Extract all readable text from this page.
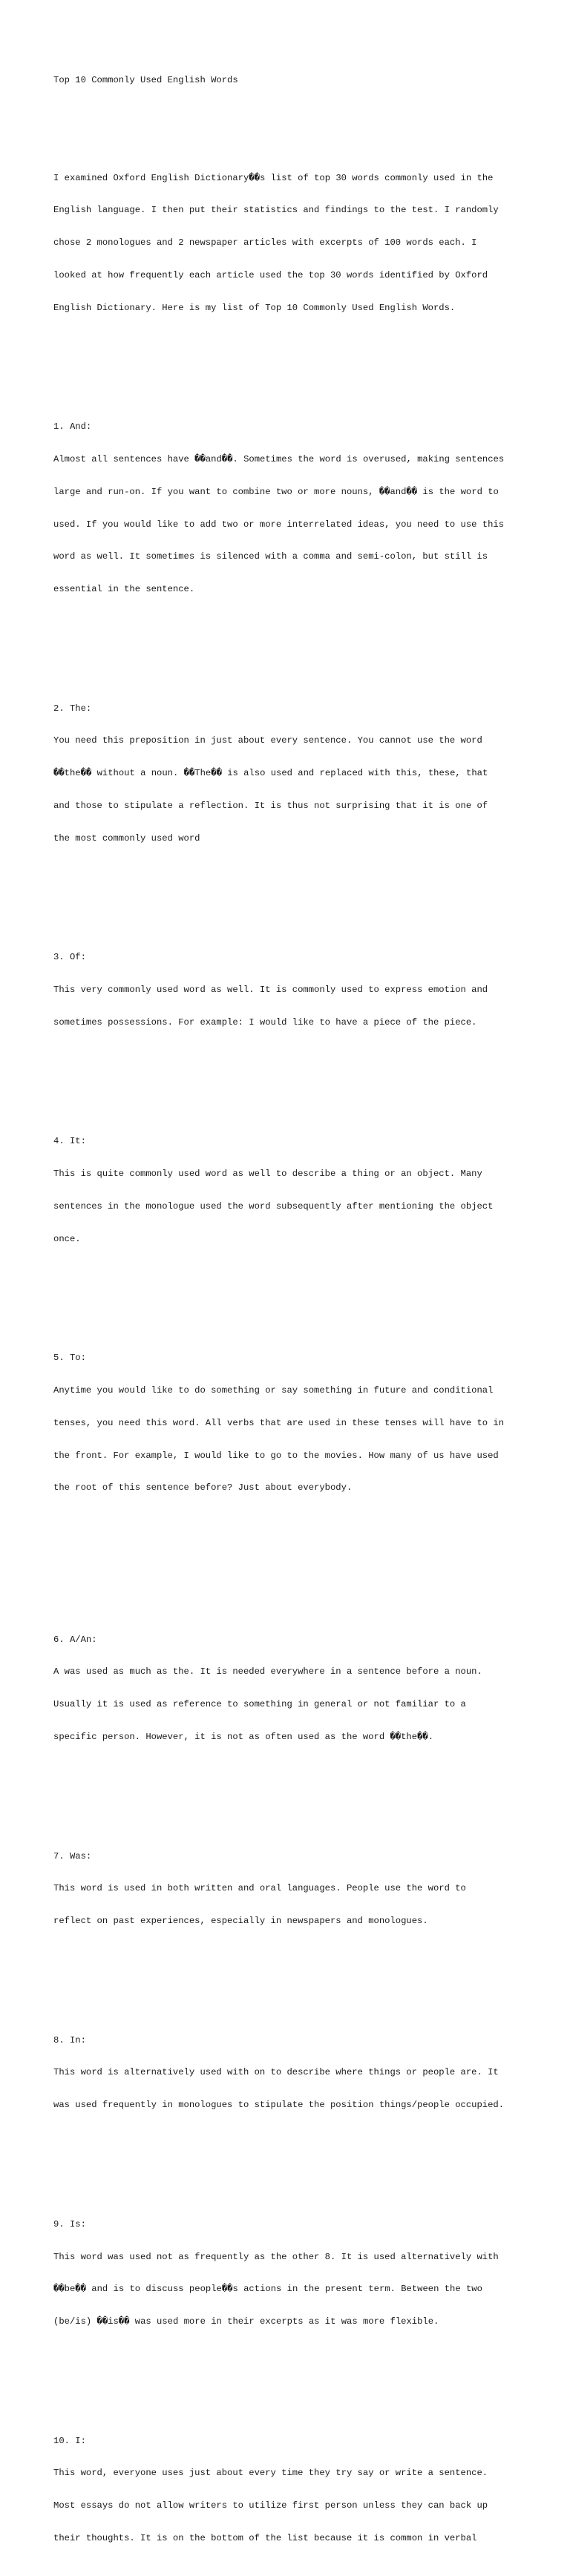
Top 10 Commonly Used English Words

I examined Oxford English Dictionary��s list of top 30 words commonly used in the

English language. I then put their statistics and findings to the test. I randomly

chose 2 monologues and 2 newspaper articles with excerpts of 100 words each. I

looked at how frequently each article used the top 30 words identified by Oxford

English Dictionary. Here is my list of Top 10 Commonly Used English Words.

1. And:

Almost all sentences have ��and��. Sometimes the word is overused, making sentences

large and run-on. If you want to combine two or more nouns, ��and�� is the word to

used. If you would like to add two or more interrelated ideas, you need to use this

word as well. It sometimes is silenced with a comma and semi-colon, but still is

essential in the sentence.

2. The:

You need this preposition in just about every sentence. You cannot use the word

��the�� without a noun. ��The�� is also used and replaced with this, these, that

and those to stipulate a reflection. It is thus not surprising that it is one of

the most commonly used word

3. Of:

This very commonly used word as well. It is commonly used to express emotion and

sometimes possessions. For example: I would like to have a piece of the piece.

4. It:

This is quite commonly used word as well to describe a thing or an object. Many

sentences in the monologue used the word subsequently after mentioning the object

once.

5. To:

Anytime you would like to do something or say something in future and conditional

tenses, you need this word. All verbs that are used in these tenses will have to in

the front. For example, I would like to go to the movies. How many of us have used

the root of this sentence before? Just about everybody.

6. A/An:

A was used as much as the. It is needed everywhere in a sentence before a noun.

Usually it is used as reference to something in general or not familiar to a

specific person. However, it is not as often used as the word ��the��.

7. Was:

This word is used in both written and oral languages. People use the word to

reflect on past experiences, especially in newspapers and monologues.

8. In:

This word is alternatively used with on to describe where things or people are. It

was used frequently in monologues to stipulate the position things/people occupied.

9. Is:

This word was used not as frequently as the other 8. It is used alternatively with

��be�� and is to discuss people��s actions in the present term. Between the two

(be/is) ��is�� was used more in their excerpts as it was more flexible.

10. I:

This word, everyone uses just about every time they try say or write a sentence.

Most essays do not allow writers to utilize first person unless they can back up

their thoughts. It is on the bottom of the list because it is common in verbal
